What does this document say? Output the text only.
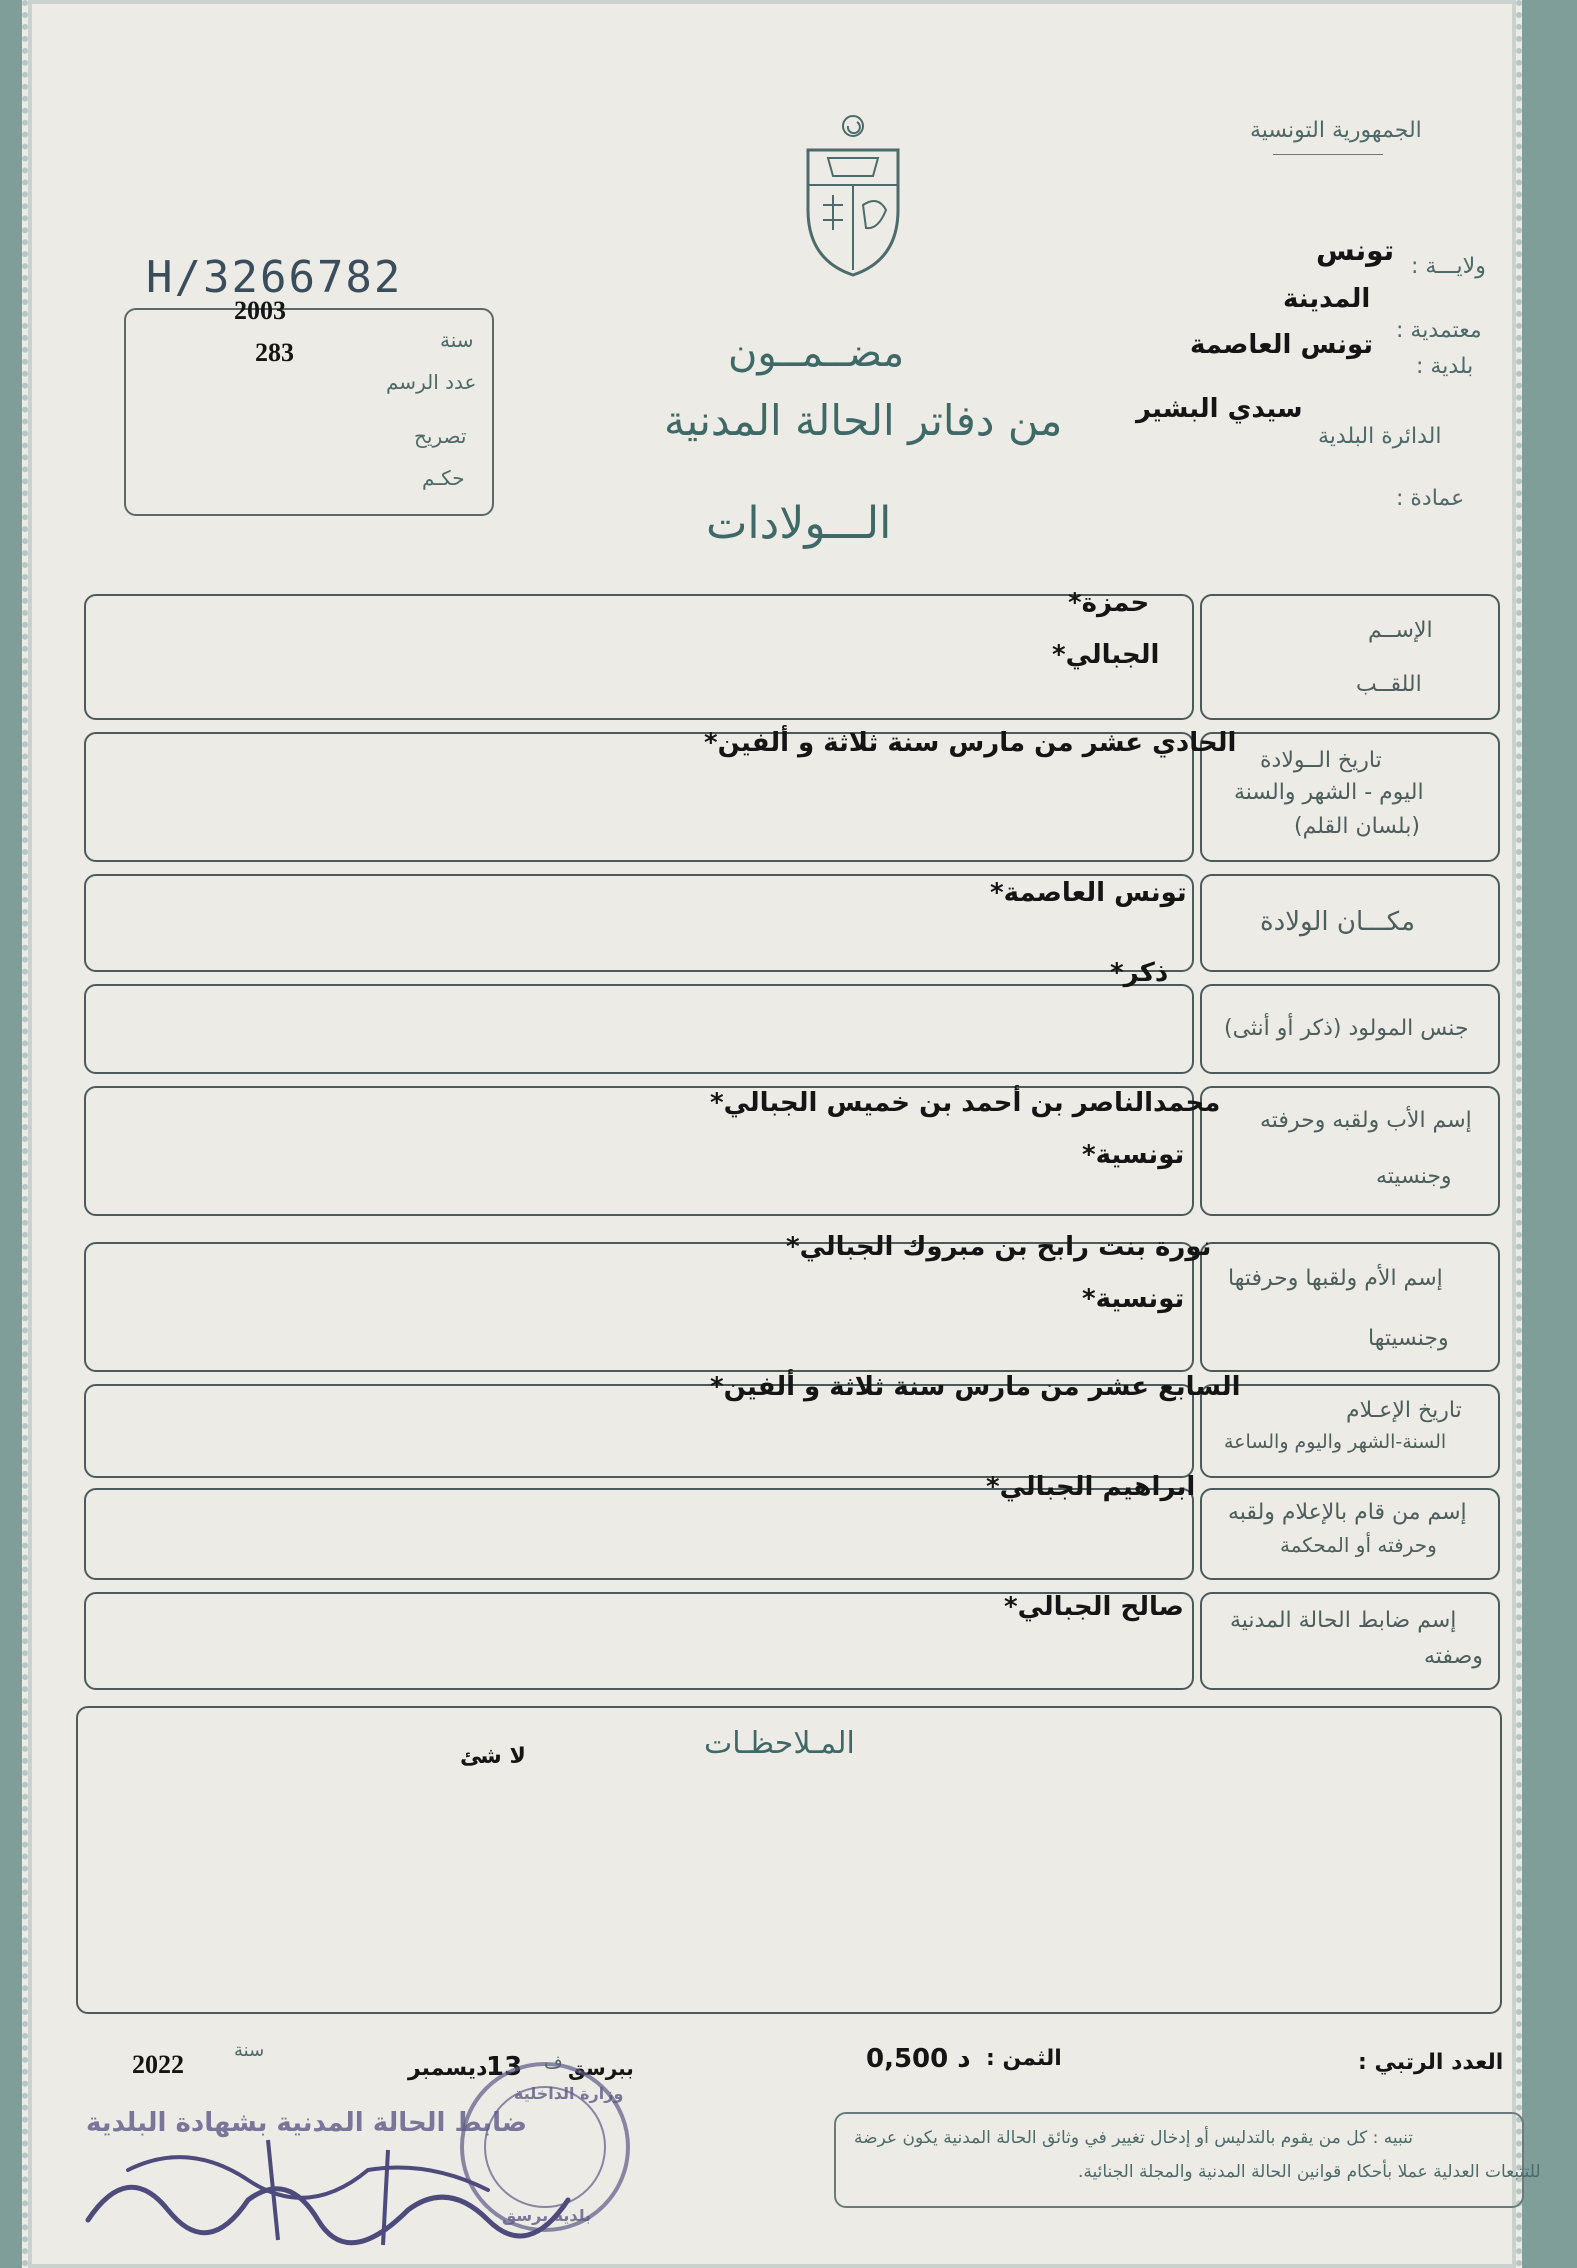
الجمهورية التونسية
H/3266782
سنة
2003
283
عدد الرسم
تصريح
حكـم
ولايـــة :
تونس
المدينة
معتمدية :
تونس العاصمة
بلدية :
سيدي البشير
الدائرة البلدية
عمادة :
مضــمــون
من دفاتر الحالة المدنية
الـــولادات
الإســم
اللقــب
حمزة*
الجبالي*
تاريخ الــولادة
اليوم - الشهر والسنة
(بلسان القلم)
الحادي عشر من مارس سنة ثلاثة و ألفين*
مكـــان الولادة
تونس العاصمة*
جنس المولود (ذكر أو أنثى)
ذكر*
إسم الأب ولقبه وحرفته
وجنسيته
محمدالناصر بن أحمد بن خميس الجبالي*
تونسية*
إسم الأم ولقبها وحرفتها
وجنسيتها
نورة بنت رابح بن مبروك الجبالي*
تونسية*
تاريخ الإعـلام
السنة-الشهر واليوم والساعة
السابع عشر من مارس سنة ثلاثة و ألفين*
إسم من قام بالإعلام ولقبه
وحرفته أو المحكمة
ابراهيم الجبالي*
إسم ضابط الحالة المدنية
وصفته
صالح الجبالي*
المـلاحظـات
لا شئ
العدد الرتبي :
الثمن :
0,500 د
ببرسق
ف
13
ديسمبر
سنة
2022
تنبيه : كل من يقوم بالتدليس أو إدخال تغيير في وثائق الحالة المدنية يكون عرضة
للتتبعات العدلية عملا بأحكام قوانين الحالة المدنية والمجلة الجنائية.
ضابط الحالة المدنية بشهادة البلدية
وزارة الداخلية
بلدية برسق
